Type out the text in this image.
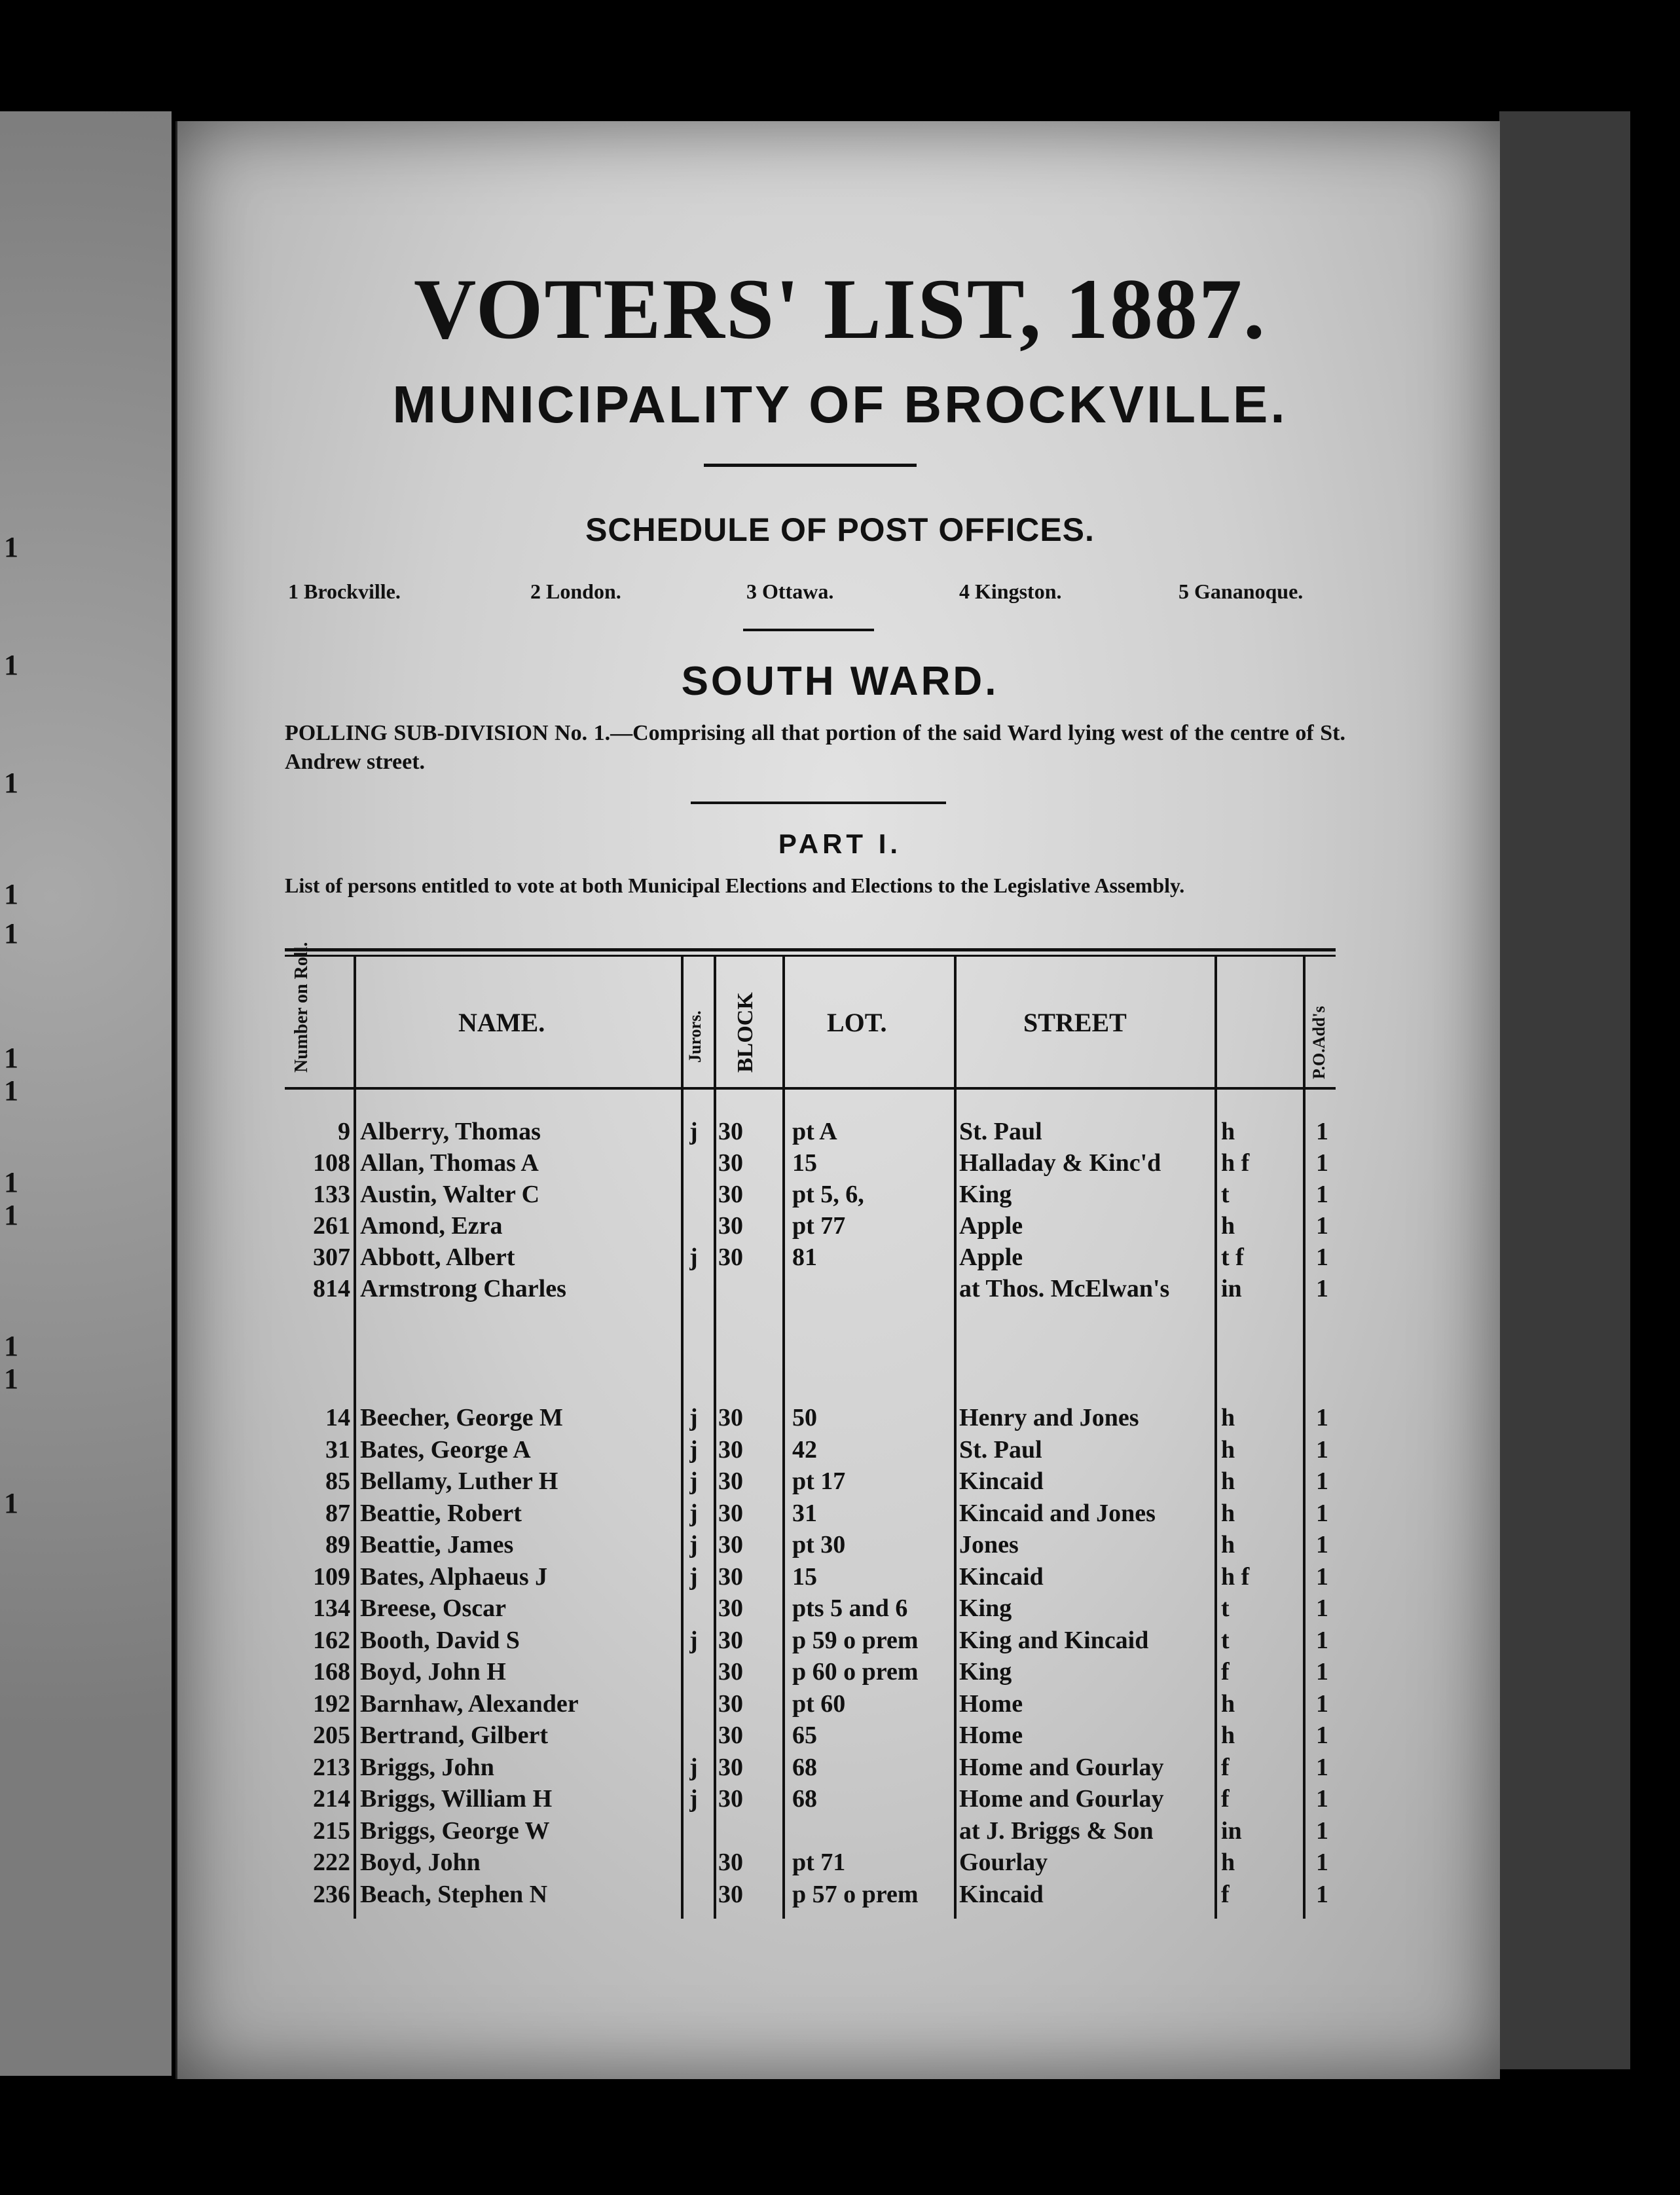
1
1
1
1
1
1
1
1
1
1
1
1
VOTERS' LIST, 1887.
MUNICIPALITY OF BROCKVILLE.
SCHEDULE OF POST OFFICES.
1 Brockville.	2 London.	3 Ottawa.	4 Kingston.	5 Gananoque.
SOUTH WARD.
POLLING SUB-DIVISION No. 1.—Comprising all that portion of the said Ward lying west of the centre of St. Andrew street.
PART I.
List of persons entitled to vote at both Municipal Elections and Elections to the Legislative Assembly.
Number on Roll.	NAME.	Jurors. BLOCK	LOT.	STREET	P.O.Add's
9 Alberry, Thomas	j 30	pt A	St. Paul	h	1
108 Allan, Thomas A	30	15	Halladay & Kinc'd	h f	1
133 Austin, Walter C	30	pt 5, 6,	King	t	1
261 Amond, Ezra	30	pt 77	Apple	h	1
307 Abbott, Albert	j 30	81	Apple	t f	1
814 Armstrong Charles	at Thos. McElwan's	in	1
14 Beecher, George M	j 30	50	Henry and Jones	h	1
31 Bates, George A	j 30	42	St. Paul	h	1
85 Bellamy, Luther H	j 30	pt 17	Kincaid	h	1
87 Beattie, Robert	j 30	31	Kincaid and Jones	h	1
89 Beattie, James	j 30	pt 30	Jones	h	1
109 Bates, Alphaeus J	j 30	15	Kincaid	h f	1
134 Breese, Oscar	30	pts 5 and 6	King	t	1
162 Booth, David S	j 30	p 59 o prem	King and Kincaid	t	1
168 Boyd, John H	30	p 60 o prem	King	f	1
192 Barnhaw, Alexander	30	pt 60	Home	h	1
205 Bertrand, Gilbert	30	65	Home	h	1
213 Briggs, John	j 30	68	Home and Gourlay	f	1
214 Briggs, William H	j 30	68	Home and Gourlay	f	1
215 Briggs, George W	at J. Briggs & Son	in	1
222 Boyd, John	30	pt 71	Gourlay	h	1
236 Beach, Stephen N	30	p 57 o prem	Kincaid	f	1
